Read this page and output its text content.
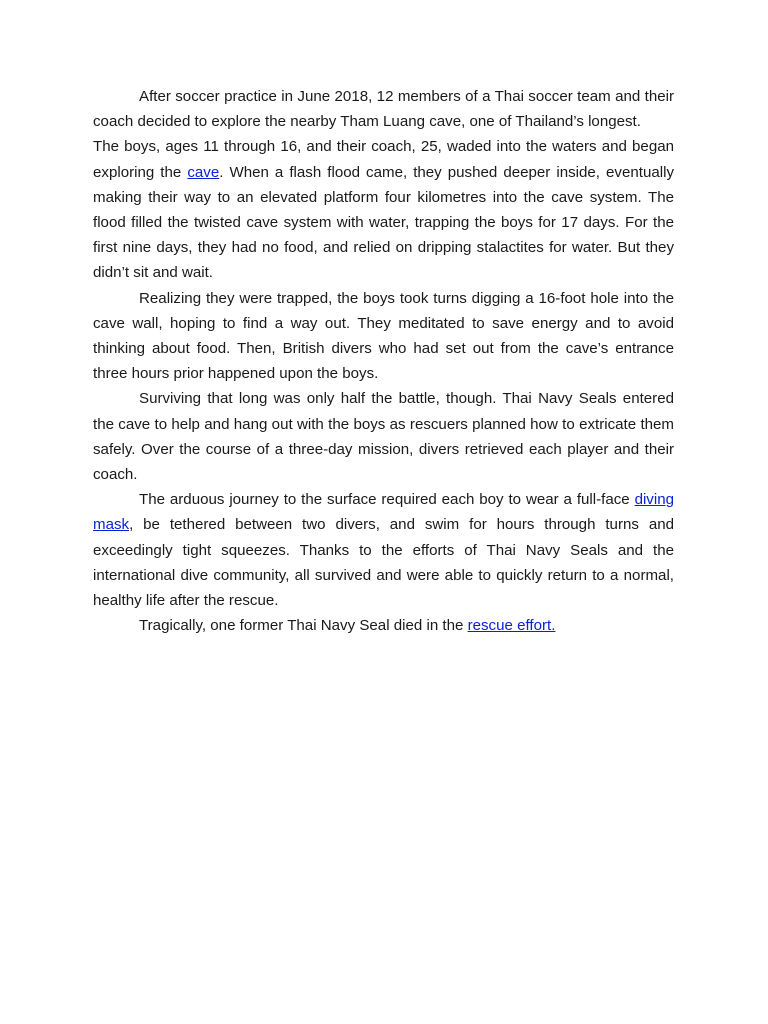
After soccer practice in June 2018, 12 members of a Thai soccer team and their coach decided to explore the nearby Tham Luang cave, one of Thailand’s longest.

The boys, ages 11 through 16, and their coach, 25, waded into the waters and began exploring the cave. When a flash flood came, they pushed deeper inside, eventually making their way to an elevated platform four kilometres into the cave system. The flood filled the twisted cave system with water, trapping the boys for 17 days. For the first nine days, they had no food, and relied on dripping stalactites for water. But they didn’t sit and wait.

Realizing they were trapped, the boys took turns digging a 16-foot hole into the cave wall, hoping to find a way out. They meditated to save energy and to avoid thinking about food. Then, British divers who had set out from the cave’s entrance three hours prior happened upon the boys.

Surviving that long was only half the battle, though. Thai Navy Seals entered the cave to help and hang out with the boys as rescuers planned how to extricate them safely. Over the course of a three-day mission, divers retrieved each player and their coach.

The arduous journey to the surface required each boy to wear a full-face diving mask, be tethered between two divers, and swim for hours through turns and exceedingly tight squeezes. Thanks to the efforts of Thai Navy Seals and the international dive community, all survived and were able to quickly return to a normal, healthy life after the rescue.

Tragically, one former Thai Navy Seal died in the rescue effort.
